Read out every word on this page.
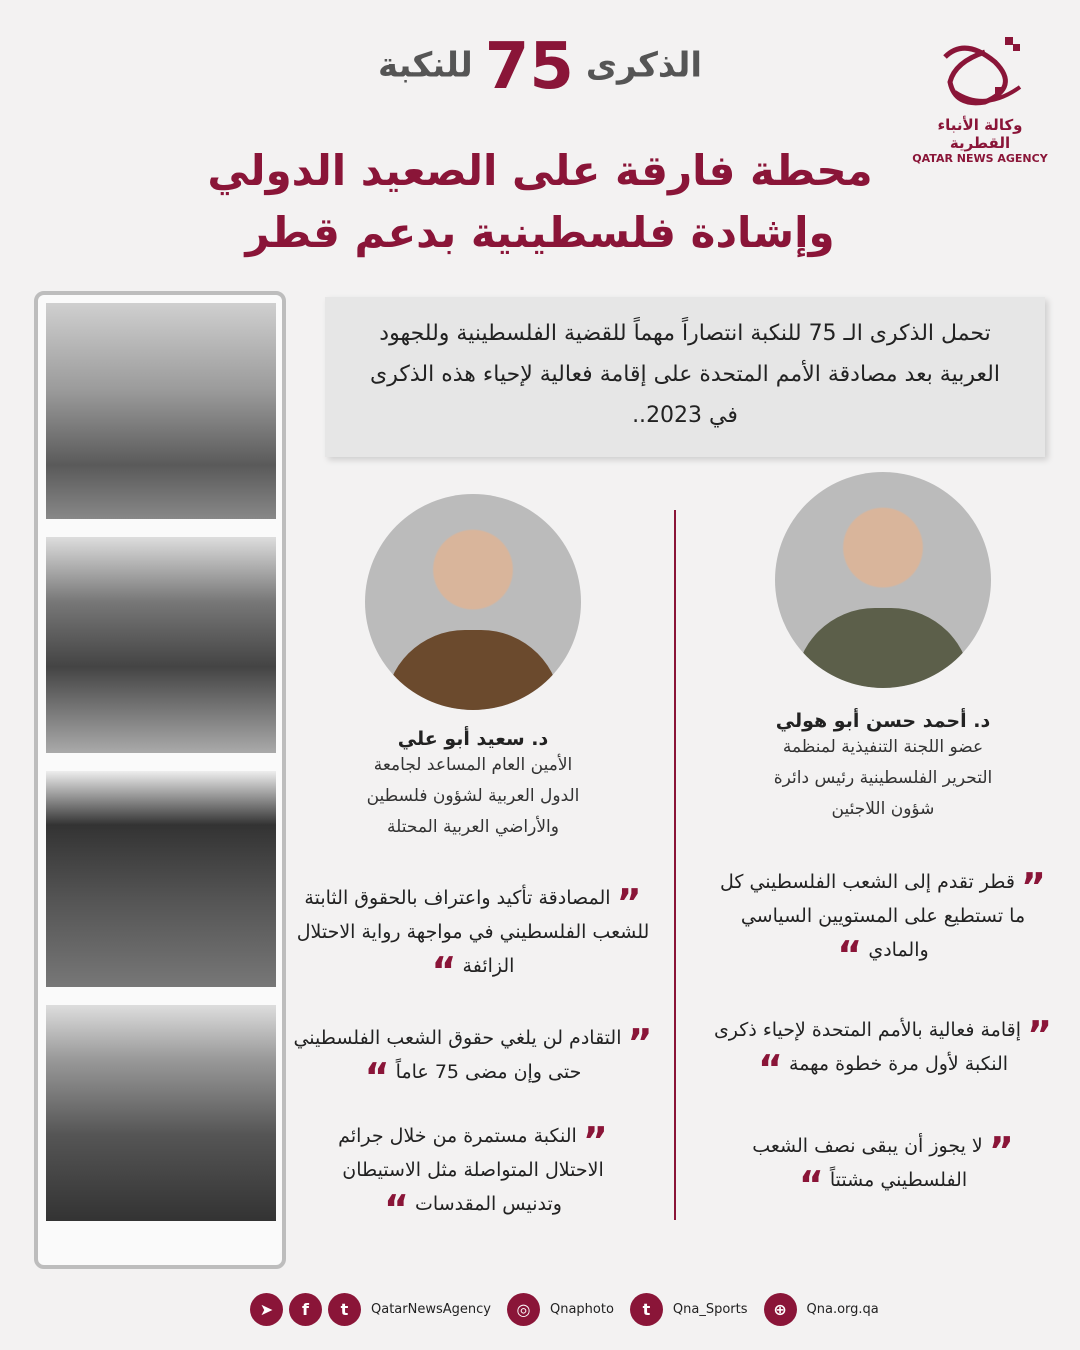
الذكرى75للنكبة
وكالة الأنباء القطرية
QATAR NEWS AGENCY
محطة فارقة على الصعيد الدولي
وإشادة فلسطينية بدعم قطر
تحمل الذكرى الـ 75 للنكبة انتصاراً مهماً للقضية الفلسطينية وللجهود العربية بعد مصادقة الأمم المتحدة على إقامة فعالية لإحياء هذه الذكرى في 2023..
د. أحمد حسن أبو هولي
عضو اللجنة التنفيذية لمنظمة
التحرير الفلسطينية رئيس دائرة
شؤون اللاجئين
” قطر تقدم إلى الشعب الفلسطيني كل ما تستطيع على المستويين السياسي والمادي “
” إقامة فعالية بالأمم المتحدة لإحياء ذكرى النكبة لأول مرة خطوة مهمة “
” لا يجوز أن يبقى نصف الشعب الفلسطيني مشتتاً “
د. سعيد أبو علي
الأمين العام المساعد لجامعة
الدول العربية لشؤون فلسطين
والأراضي العربية المحتلة
” المصادقة تأكيد واعتراف بالحقوق الثابتة للشعب الفلسطيني في مواجهة رواية الاحتلال الزائفة “
” التقادم لن يلغي حقوق الشعب الفلسطيني حتى وإن مضى 75 عاماً “
” النكبة مستمرة من خلال جرائم الاحتلال المتواصلة مثل الاستيطان وتدنيس المقدسات “
➤	f	t	QatarNewsAgency	◎	Qnaphoto	t	Qna_Sports	⊕	Qna.org.qa
